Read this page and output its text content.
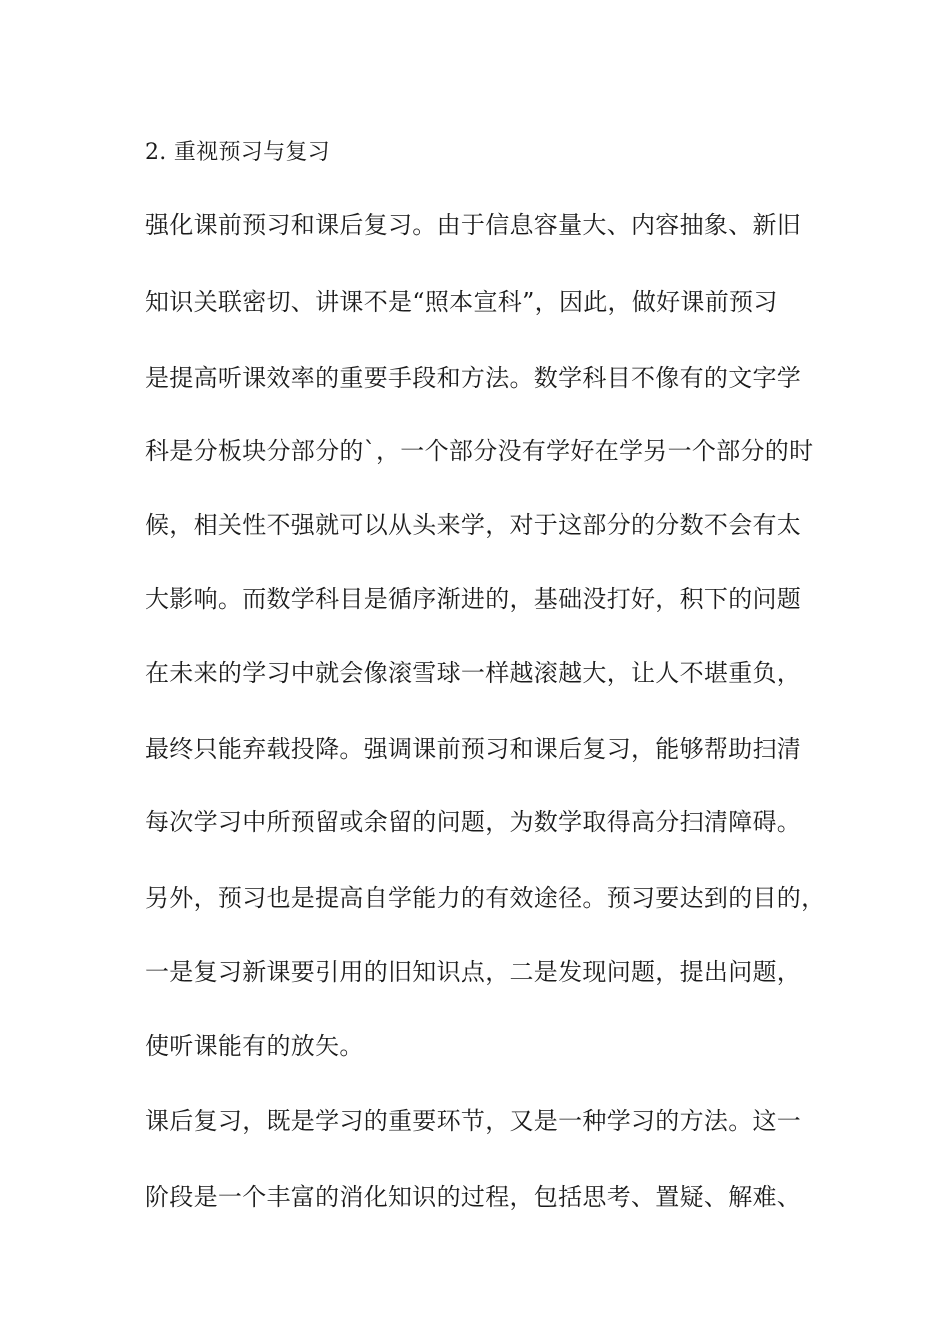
2. 重视预习与复习
强化课前预习和课后复习。由于信息容量大、内容抽象、新旧
知识关联密切、讲课不是“照本宣科”，因此，做好课前预习
是提高听课效率的重要手段和方法。数学科目不像有的文字学
科是分板块分部分的`，一个部分没有学好在学另一个部分的时
候，相关性不强就可以从头来学，对于这部分的分数不会有太
大影响。而数学科目是循序渐进的，基础没打好，积下的问题
在未来的学习中就会像滚雪球一样越滚越大，让人不堪重负，
最终只能弃载投降。强调课前预习和课后复习，能够帮助扫清
每次学习中所预留或余留的问题，为数学取得高分扫清障碍。
另外，预习也是提高自学能力的有效途径。预习要达到的目的，
一是复习新课要引用的旧知识点，二是发现问题，提出问题，
使听课能有的放矢。
课后复习，既是学习的重要环节，又是一种学习的方法。这一
阶段是一个丰富的消化知识的过程，包括思考、置疑、解难、
